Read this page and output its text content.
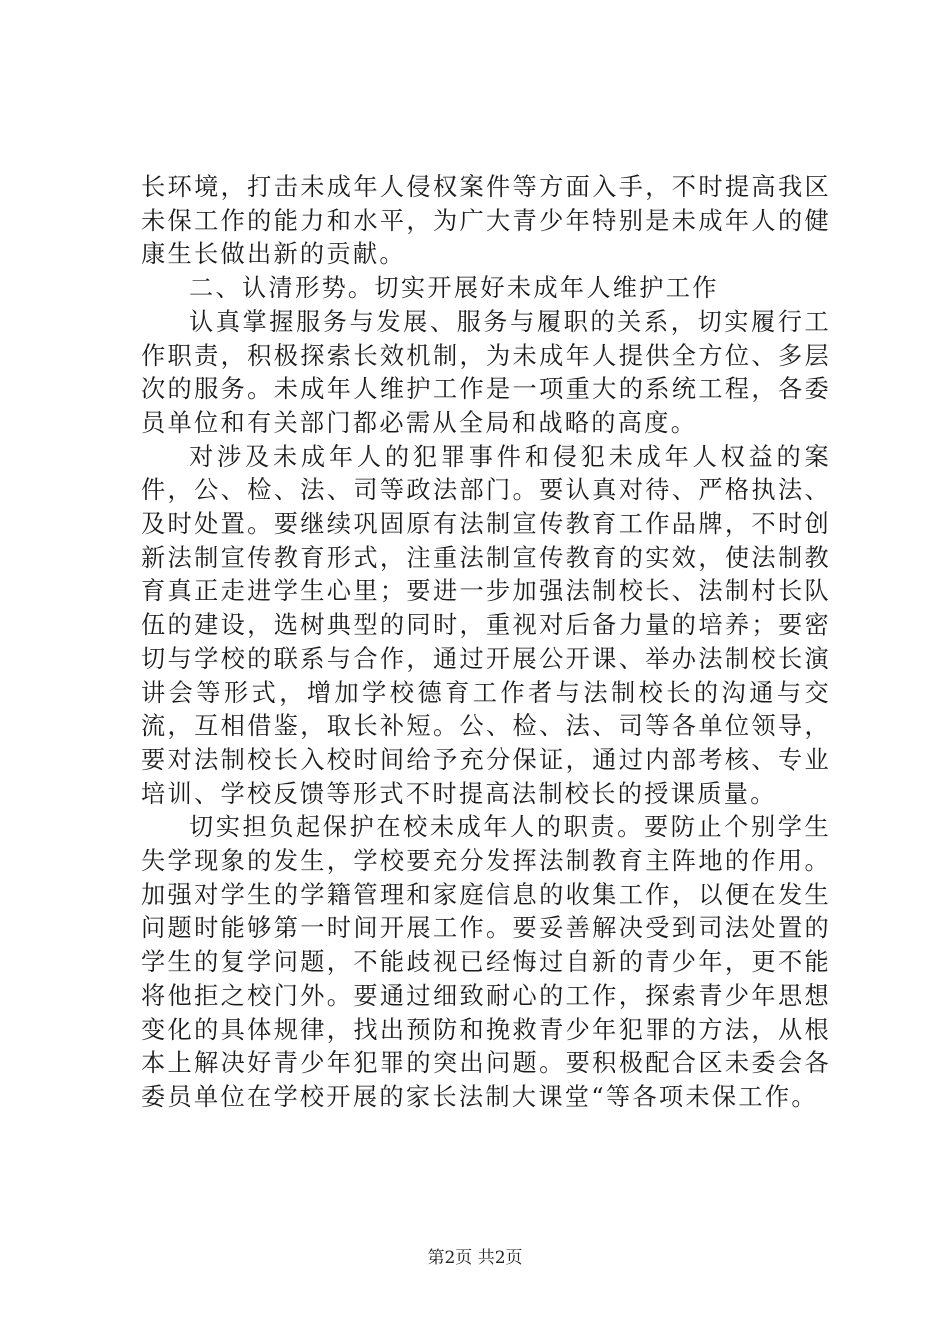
长环境，打击未成年人侵权案件等方面入手，不时提高我区未保工作的能力和水平，为广大青少年特别是未成年人的健康生长做出新的贡献。

二、认清形势。切实开展好未成年人维护工作

认真掌握服务与发展、服务与履职的关系，切实履行工作职责，积极探索长效机制，为未成年人提供全方位、多层次的服务。未成年人维护工作是一项重大的系统工程，各委员单位和有关部门都必需从全局和战略的高度。

对涉及未成年人的犯罪事件和侵犯未成年人权益的案件，公、检、法、司等政法部门。要认真对待、严格执法、及时处置。要继续巩固原有法制宣传教育工作品牌，不时创新法制宣传教育形式，注重法制宣传教育的实效，使法制教育真正走进学生心里；要进一步加强法制校长、法制村长队伍的建设，选树典型的同时，重视对后备力量的培养；要密切与学校的联系与合作，通过开展公开课、举办法制校长演讲会等形式，增加学校德育工作者与法制校长的沟通与交流，互相借鉴，取长补短。公、检、法、司等各单位领导，要对法制校长入校时间给予充分保证，通过内部考核、专业培训、学校反馈等形式不时提高法制校长的授课质量。

切实担负起保护在校未成年人的职责。要防止个别学生失学现象的发生，学校要充分发挥法制教育主阵地的作用。加强对学生的学籍管理和家庭信息的收集工作，以便在发生问题时能够第一时间开展工作。要妥善解决受到司法处置的学生的复学问题，不能歧视已经悔过自新的青少年，更不能将他拒之校门外。要通过细致耐心的工作，探索青少年思想变化的具体规律，找出预防和挽救青少年犯罪的方法，从根本上解决好青少年犯罪的突出问题。要积极配合区未委会各委员单位在学校开展的家长法制大课堂“等各项未保工作。

第2页 共2页
